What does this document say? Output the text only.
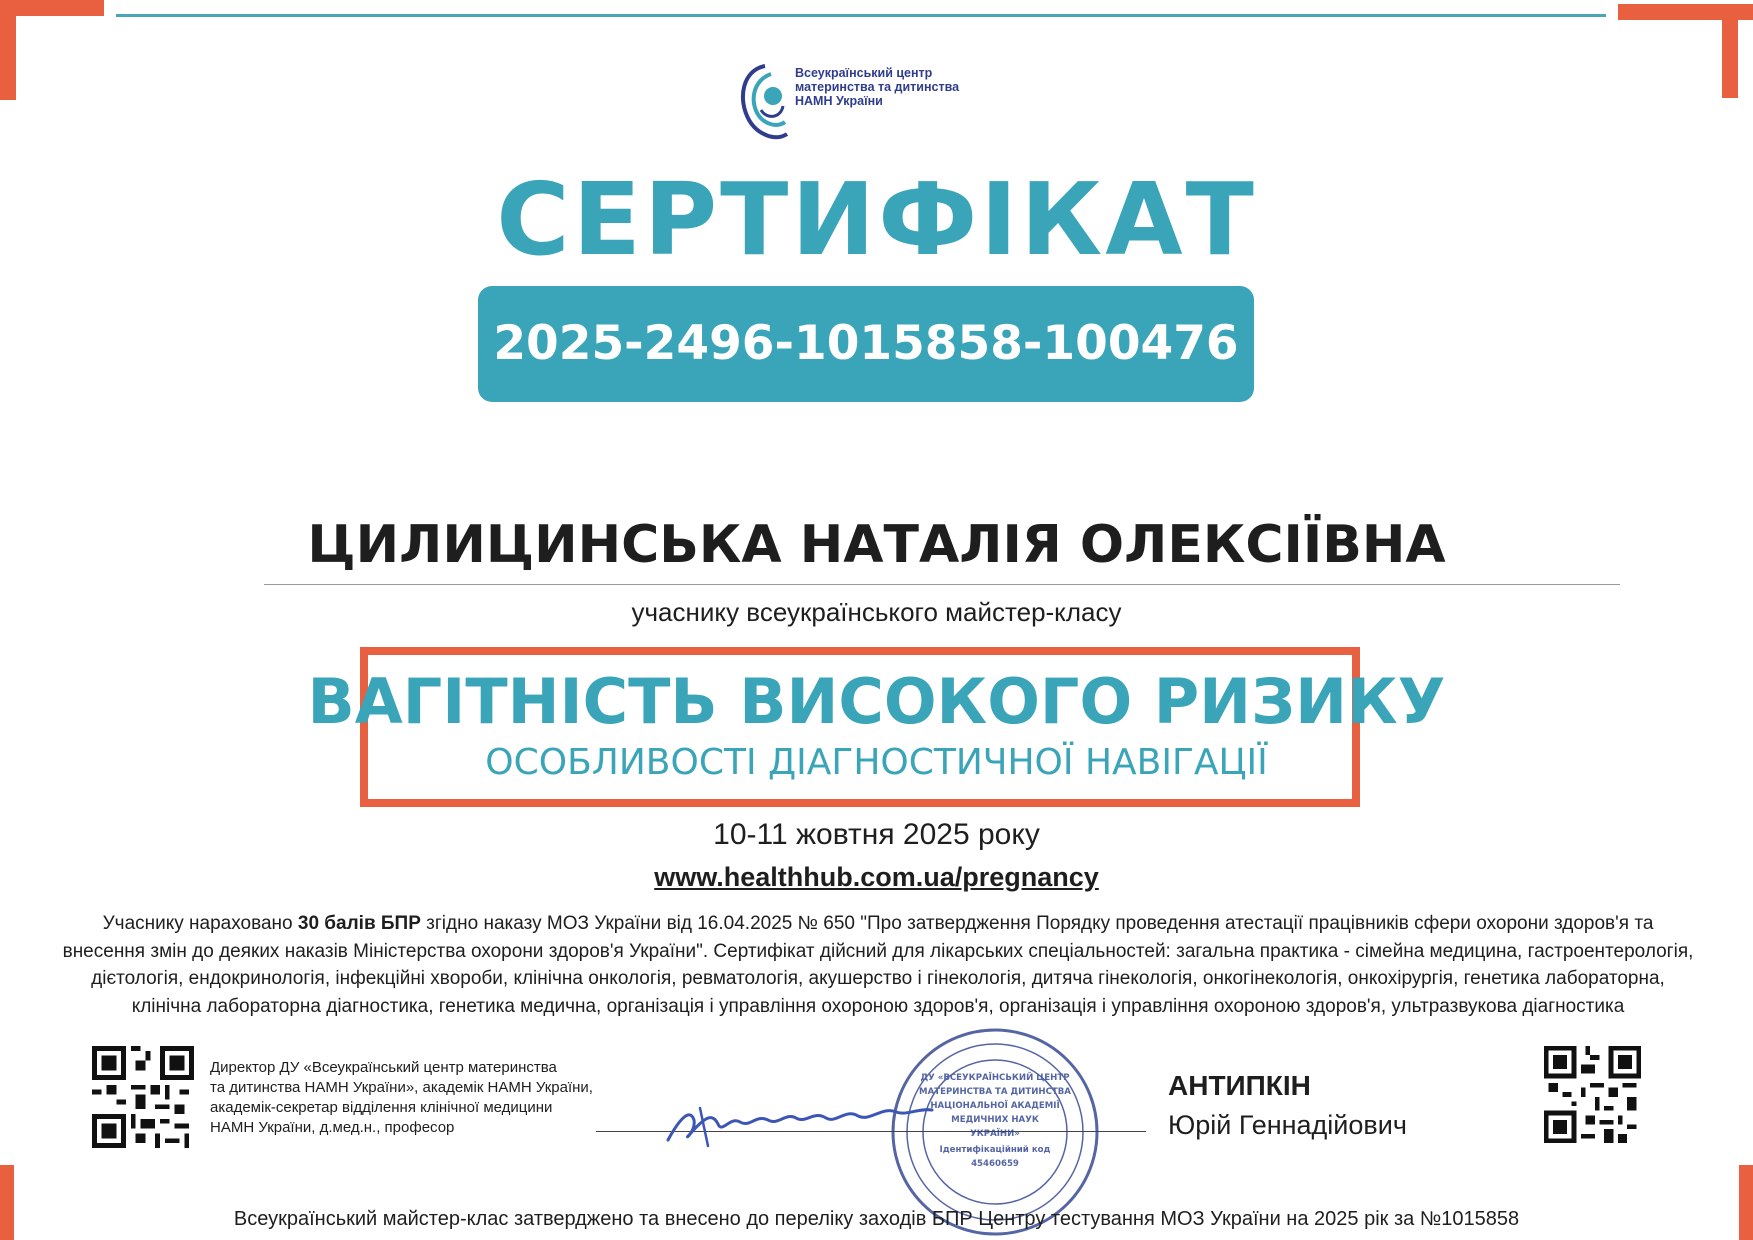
Всеукраїнський центр
материнства та дитинства
НАМН України
СЕРТИФІКАТ
2025-2496-1015858-100476
ЦИЛИЦИНСЬКА НАТАЛІЯ ОЛЕКСІЇВНА
учаснику всеукраїнського майстер-класу
ВАГІТНІСТЬ ВИСОКОГО РИЗИКУ
ОСОБЛИВОСТІ ДІАГНОСТИЧНОЇ НАВІГАЦІЇ
10-11 жовтня 2025 року
www.healthhub.com.ua/pregnancy
Учаснику нараховано 30 балів БПР згідно наказу МОЗ України від 16.04.2025 № 650 "Про затвердження Порядку проведення атестації працівників сфери охорони здоров'я та внесення змін до деяких наказів Міністерства охорони здоров'я України". Сертифікат дійсний для лікарських спеціальностей: загальна практика - сімейна медицина, гастроентерологія, дієтологія, ендокринологія, інфекційні хвороби, клінічна онкологія, ревматологія, акушерство і гінекологія, дитяча гінекологія, онкогінекологія, онкохірургія, генетика лабораторна, клінічна лабораторна діагностика, генетика медична, організація і управління охороною здоров'я, організація і управління охороною здоров'я, ультразвукова діагностика
Директор ДУ «Всеукраїнський центр материнства
та дитинства НАМН України», академік НАМН України,
академік-секретар відділення клінічної медицини
НАМН України, д.мед.н., професор
ДУ «ВСЕУКРАЇНСЬКИЙ ЦЕНТР
МАТЕРИНСТВА ТА ДИТИНСТВА
НАЦІОНАЛЬНОЇ АКАДЕМІЇ
МЕДИЧНИХ НАУК
УКРАЇНИ»
Ідентифікаційний код
45460659
АНТИПКІН
Юрій Геннадійович
Всеукраїнський майстер-клас затверджено та внесено до переліку заходів БПР Центру тестування МОЗ України на 2025 рік за №1015858
